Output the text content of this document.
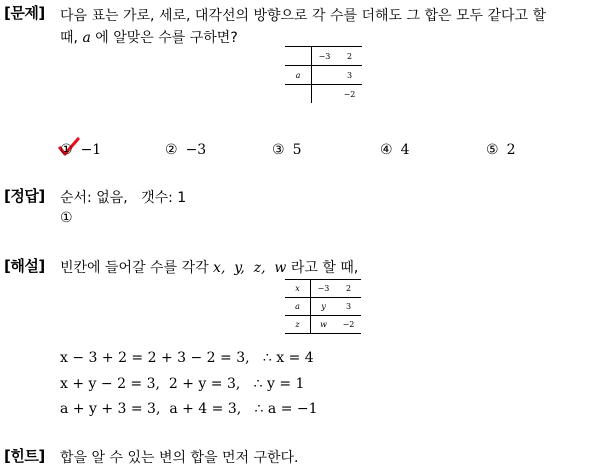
[문제] 다음 표는 가로, 세로, 대각선의 방향으로 각 수를 더해도 그 합은 모두 같다고 할
때, a 에 알맞은 수를 구하면?
	−3	2
a		3
		−2
① −1	② −3	③ 5	④ 4	⑤ 2
[정답] 순서: 없음,   갯수: 1
①
[해설] 빈칸에 들어갈 수를 각각 x,  y,  z,  w 라고 할 때,
x	−3	2
a	y	3
z	w	−2
x − 3 + 2 = 2 + 3 − 2 = 3,   ∴ x = 4
x + y − 2 = 3,  2 + y = 3,   ∴ y = 1
a + y + 3 = 3,  a + 4 = 3,   ∴ a = −1
[힌트] 합을 알 수 있는 변의 합을 먼저 구한다.
